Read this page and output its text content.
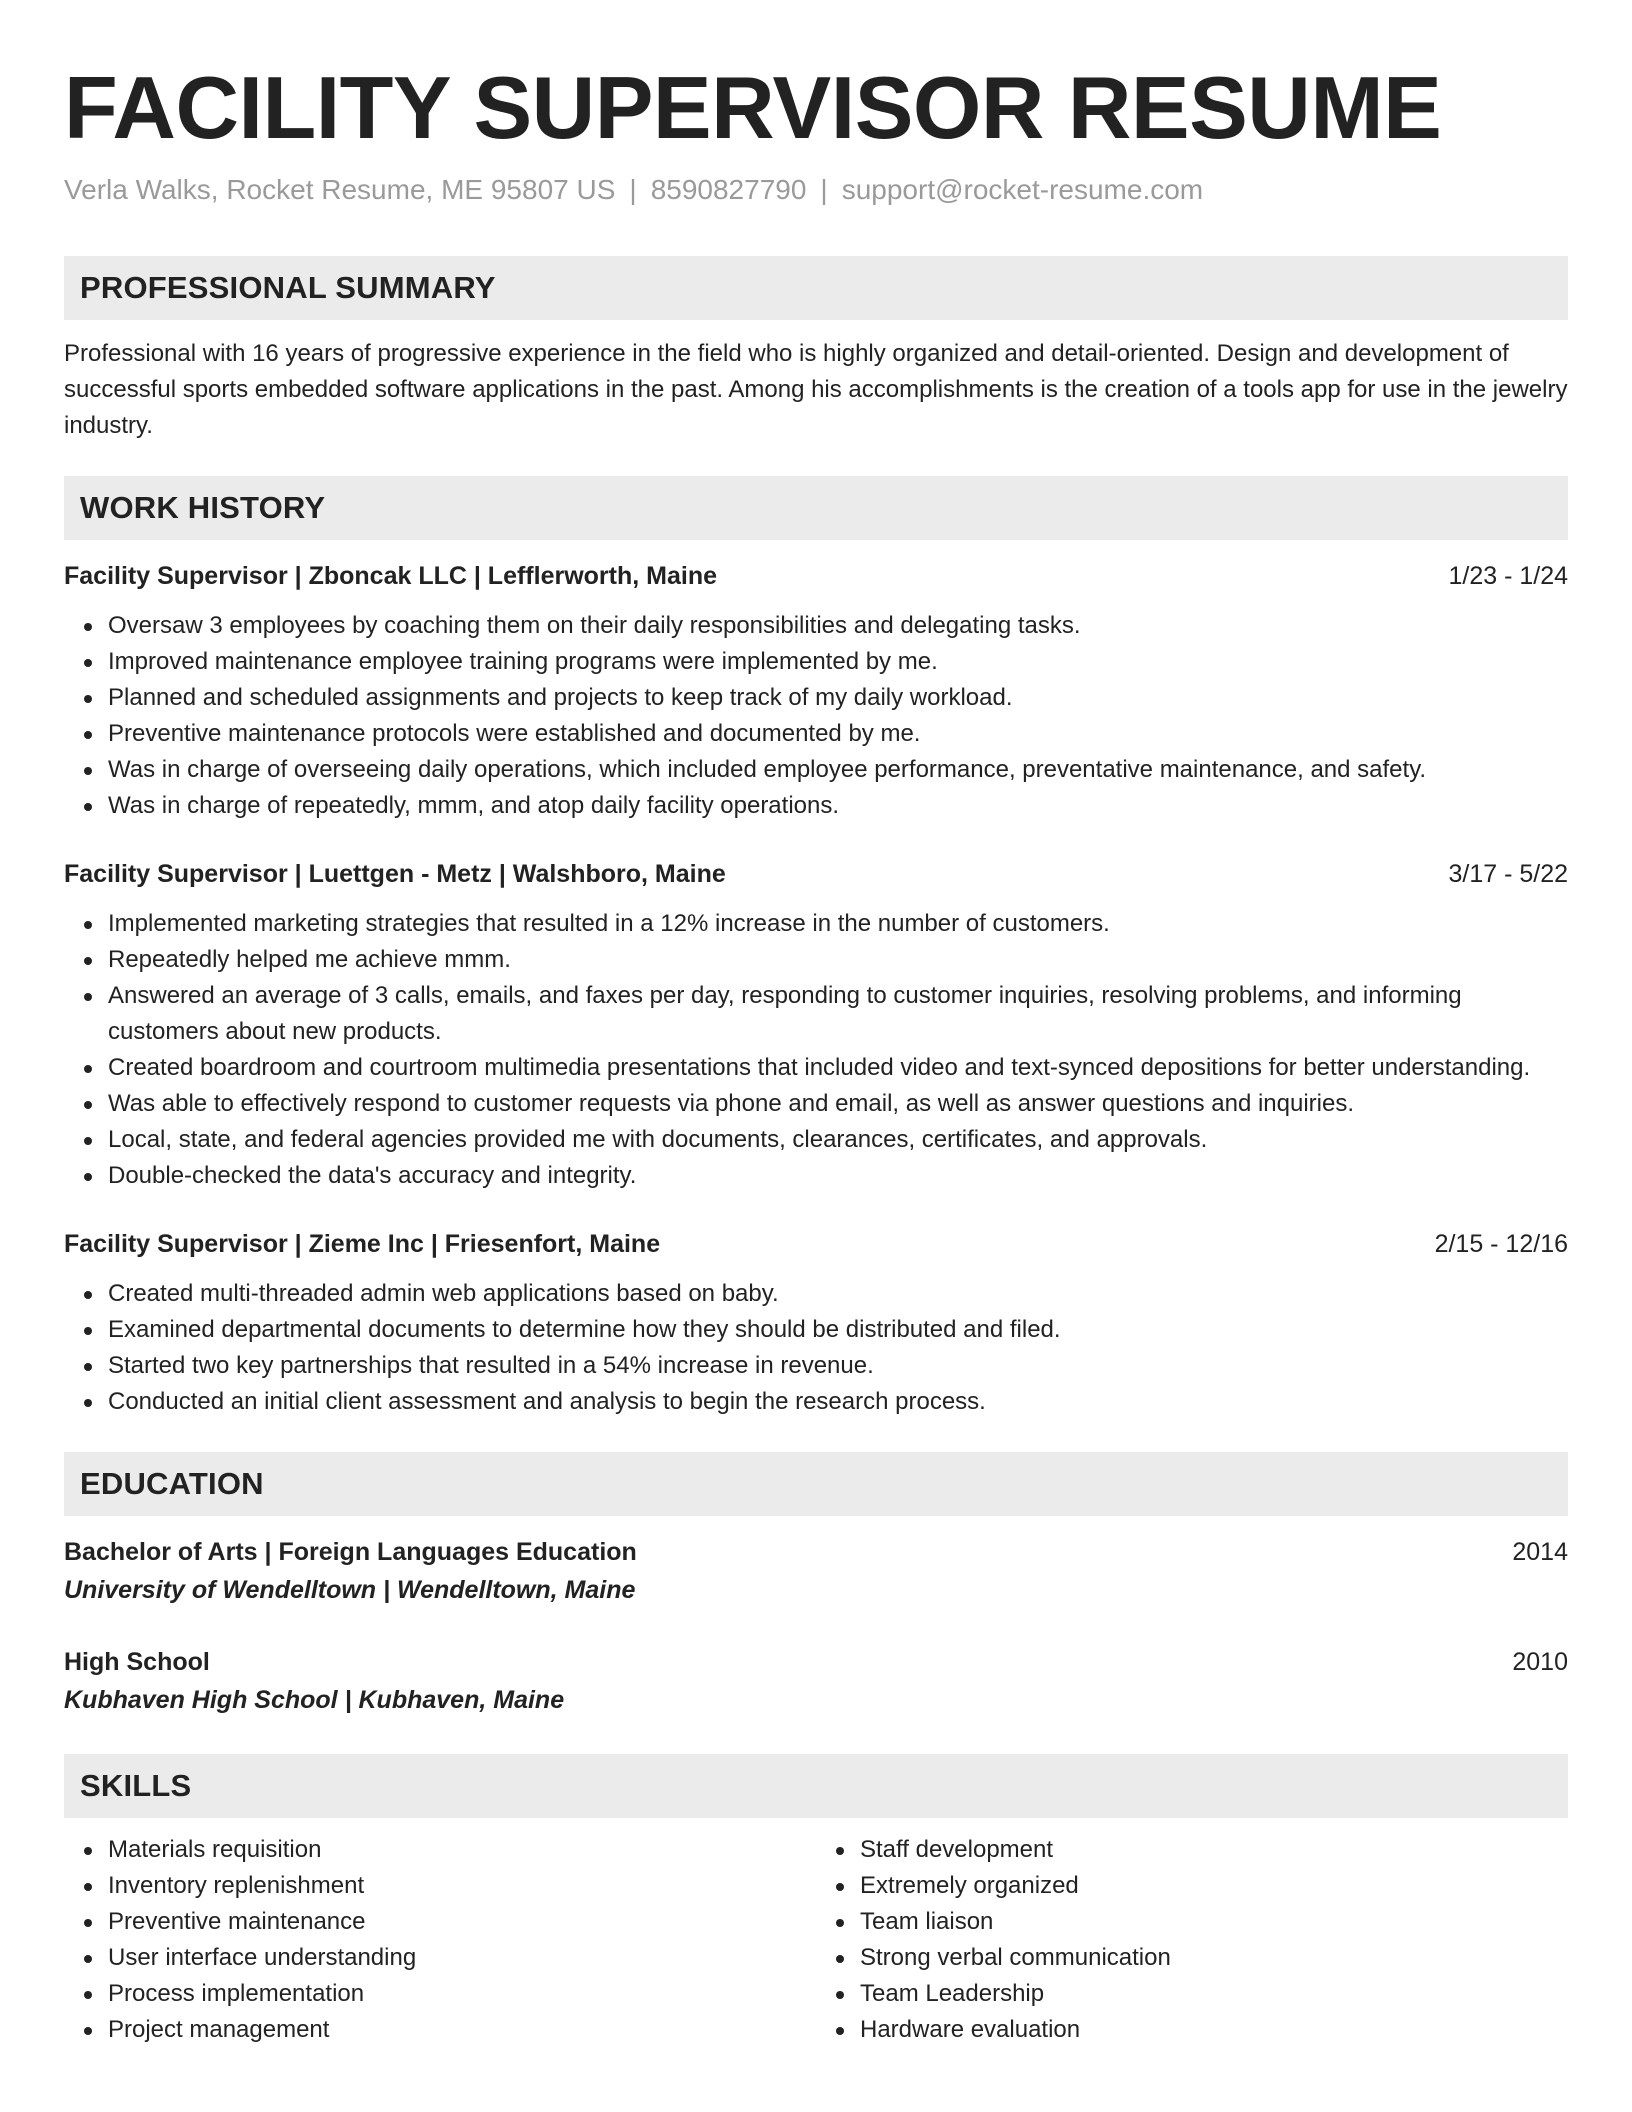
FACILITY SUPERVISOR RESUME
Verla Walks, Rocket Resume, ME 95807 US | 8590827790 | support@rocket-resume.com
PROFESSIONAL SUMMARY

Professional with 16 years of progressive experience in the field who is highly organized and detail-oriented. Design and development of successful sports embedded software applications in the past. Among his accomplishments is the creation of a tools app for use in the jewelry industry.

WORK HISTORY
Facility Supervisor | Zboncak LLC | Lefflerworth, Maine	1/23 - 1/24
Oversaw 3 employees by coaching them on their daily responsibilities and delegating tasks.
Improved maintenance employee training programs were implemented by me.
Planned and scheduled assignments and projects to keep track of my daily workload.
Preventive maintenance protocols were established and documented by me.
Was in charge of overseeing daily operations, which included employee performance, preventative maintenance, and safety.
Was in charge of repeatedly, mmm, and atop daily facility operations.
Facility Supervisor | Luettgen - Metz | Walshboro, Maine	3/17 - 5/22
Implemented marketing strategies that resulted in a 12% increase in the number of customers.
Repeatedly helped me achieve mmm.
Answered an average of 3 calls, emails, and faxes per day, responding to customer inquiries, resolving problems, and informing customers about new products.
Created boardroom and courtroom multimedia presentations that included video and text-synced depositions for better understanding.
Was able to effectively respond to customer requests via phone and email, as well as answer questions and inquiries.
Local, state, and federal agencies provided me with documents, clearances, certificates, and approvals.
Double-checked the data's accuracy and integrity.
Facility Supervisor | Zieme Inc | Friesenfort, Maine	2/15 - 12/16
Created multi-threaded admin web applications based on baby.
Examined departmental documents to determine how they should be distributed and filed.
Started two key partnerships that resulted in a 54% increase in revenue.
Conducted an initial client assessment and analysis to begin the research process.
EDUCATION
Bachelor of Arts | Foreign Languages Education	2014
University of Wendelltown | Wendelltown, Maine
High School	2010
Kubhaven High School | Kubhaven, Maine
SKILLS
Materials requisition
Inventory replenishment
Preventive maintenance
User interface understanding
Process implementation
Project management
Staff development
Extremely organized
Team liaison
Strong verbal communication
Team Leadership
Hardware evaluation
